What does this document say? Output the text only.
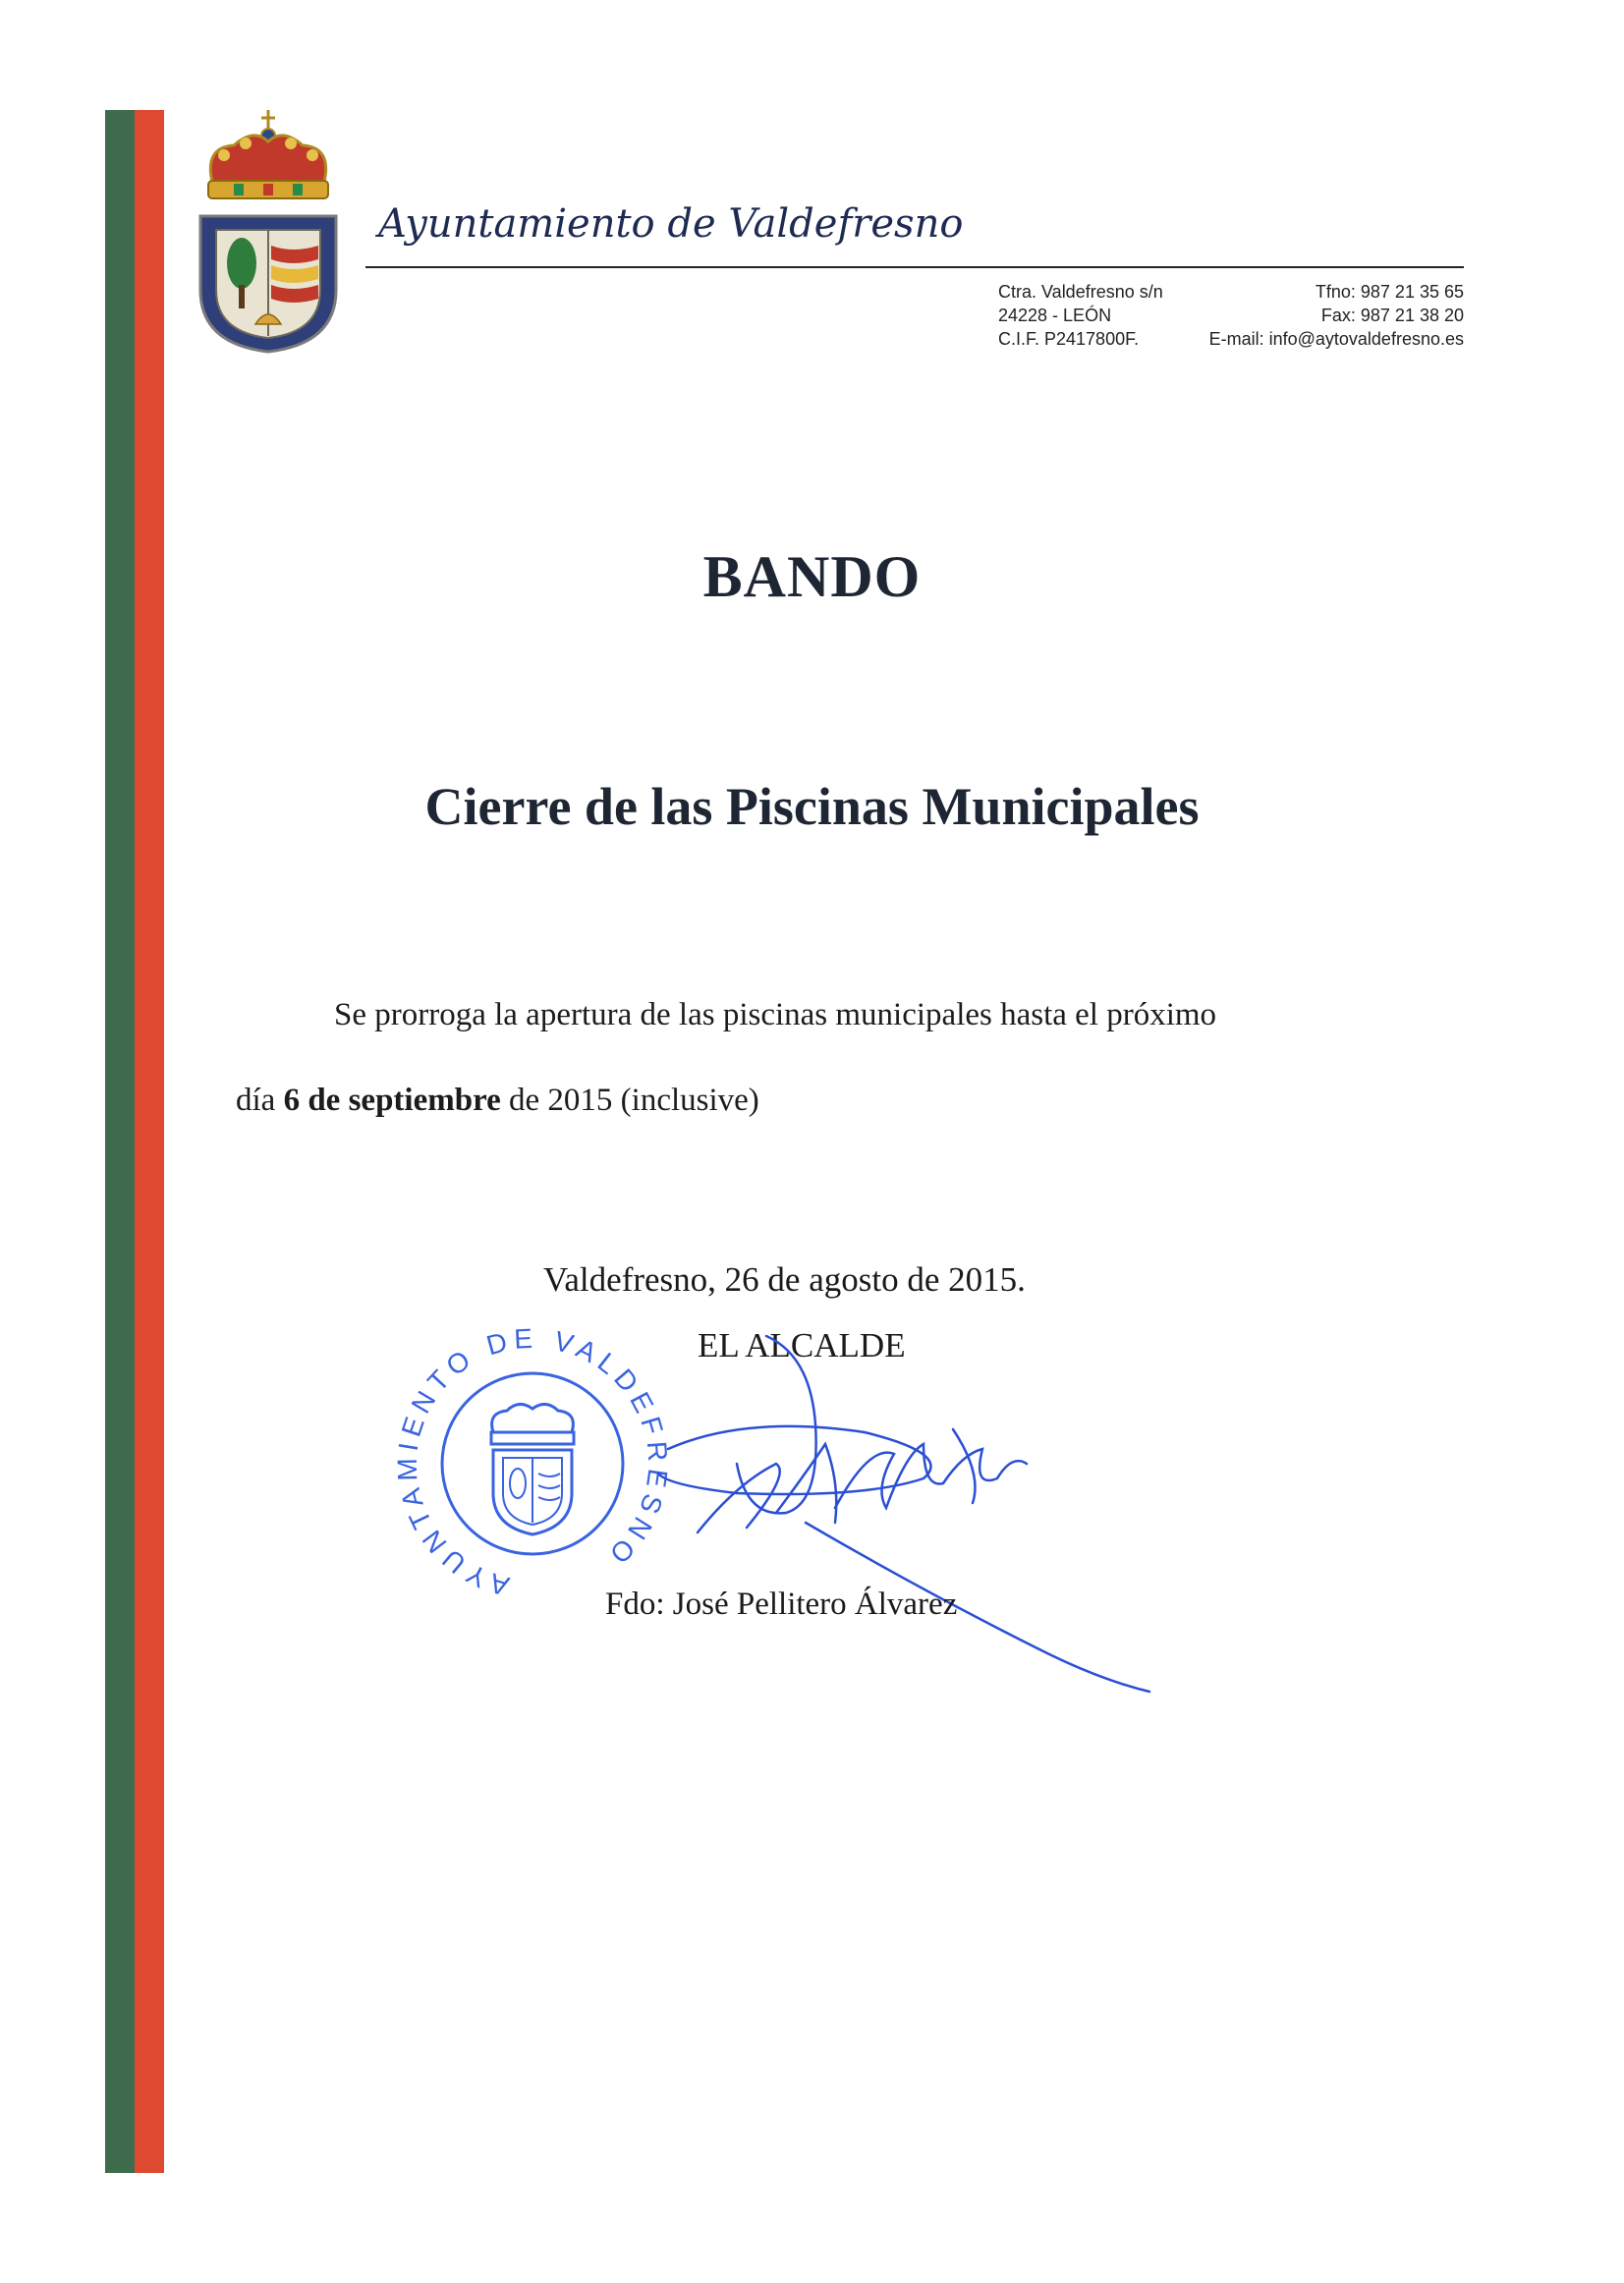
Ayuntamiento de Valdefresno
Ctra. Valdefresno s/n
24228 - LEÓN
C.I.F. P2417800F.
Tfno: 987 21 35 65
Fax: 987 21 38 20
E-mail: info@aytovaldefresno.es
BANDO
Cierre de las Piscinas Municipales
Se prorroga la apertura de las piscinas municipales hasta el próximo
día 6 de septiembre de 2015 (inclusive)
Valdefresno, 26 de agosto de 2015.
AYUNTAMIENTO DE VALDEFRESNO
EL ALCALDE
Fdo: José Pellitero Álvarez
